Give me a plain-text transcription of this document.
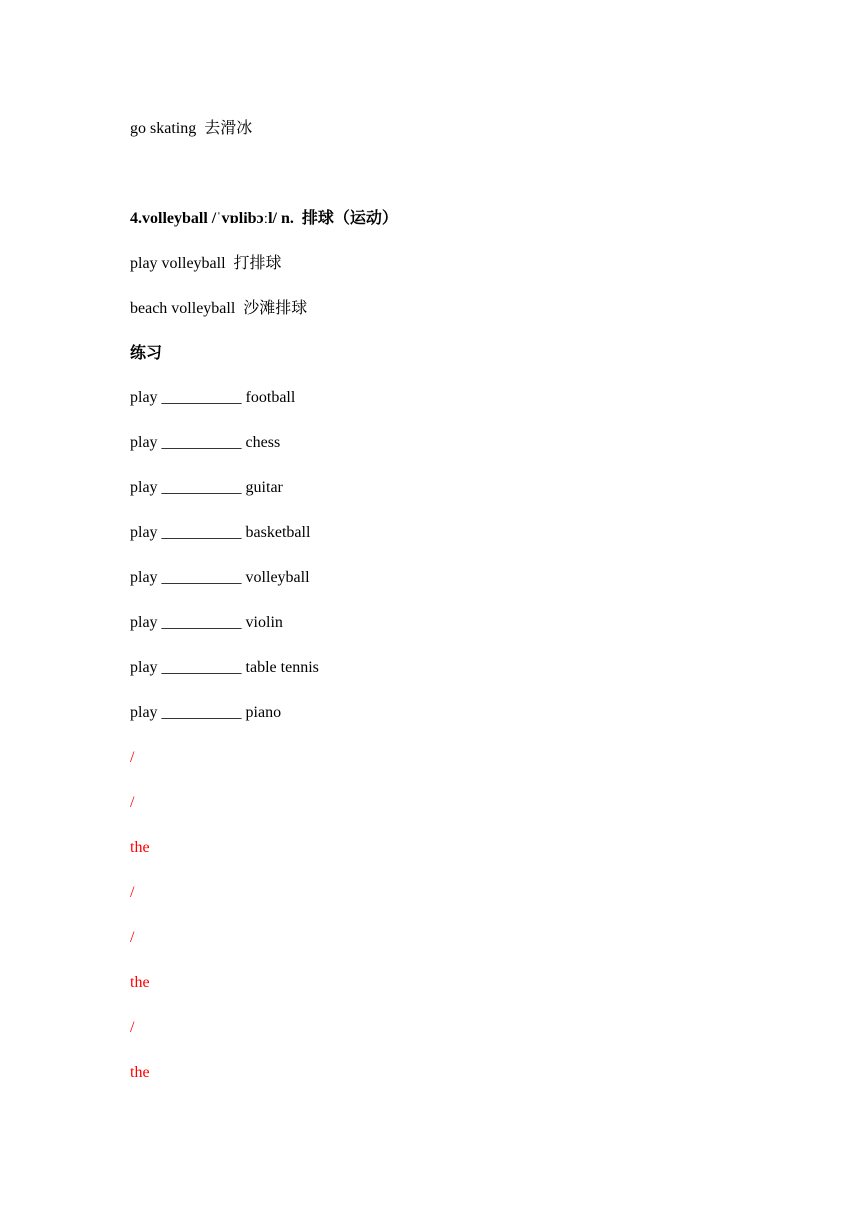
go skating 去滑冰
4.volleyball /ˈvɒlibɔːl/ n. 排球（运动）
play volleyball 打排球
beach volleyball 沙滩排球
练习
play __________ football
play __________ chess
play __________ guitar
play __________ basketball
play __________ volleyball
play __________ violin
play __________ table tennis
play __________ piano
/
/
the
/
/
the
/
the
